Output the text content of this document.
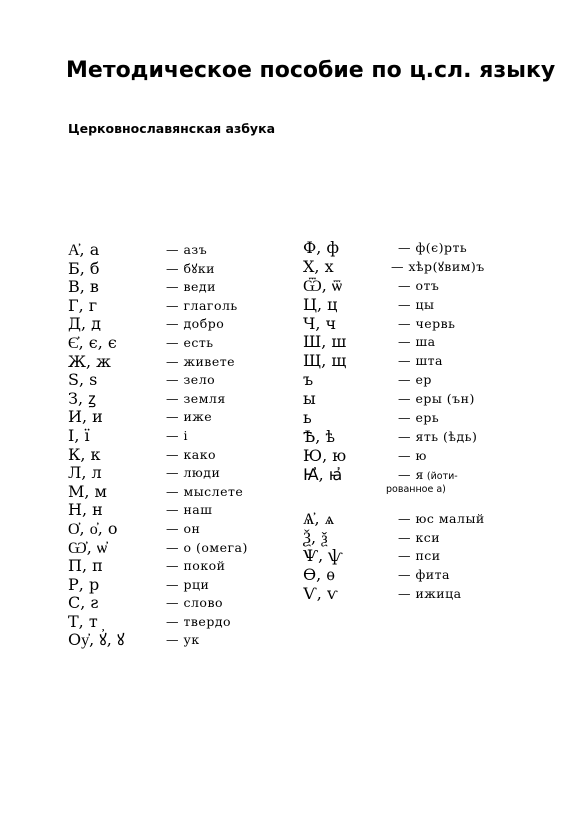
Методическое пособие по ц.сл. языку
Церковнославянская азбука
А҆, а	— азъ
Б, б	— бꙋки
В, в	— веди
Г, г	— глаголь
Д, д	— добро
Є҆, є, є	— есть
Ж, ж	— живете
Ѕ, ѕ	— зело
З, ꙁ	— земля
И, и	— иже
І, ї	— і
К, к	— како
Л, л	— люди
М, м	— мыслете
Н, н	— наш
О҆, о҆, о	— он
Ѡ҆, ѡ҆	— о (омега)
П, п	— покой
Р, р	— рци
С, ꙅ	— слово
Т, т	— твердо
Оу҆, ꙋ҆, ꙋ	— ук
Ф, ф	— ф(є)рть
Х, х	— хѣр(ꙋвим)ъ
Ѿ, ѿ	— отъ
Ц, ц	— цы
Ч, ч	— червь
Ш, ш	— ша
Щ, щ	— шта
ъ	— ер
ы	— еры (ън)
ь	— ерь
Ѣ, ѣ	— ять (ѣдь)
Ю, ю	— ю
Ꙗ҆, ꙗ҆	— я (йоти-
рованное а)
Ѧ҆, ѧ	— юс малый
Ѯ, ѯ	— кси
Ѱ, ѱ	— пси
Ѳ, ѳ	— фита
Ѵ, ѵ	— ижица
